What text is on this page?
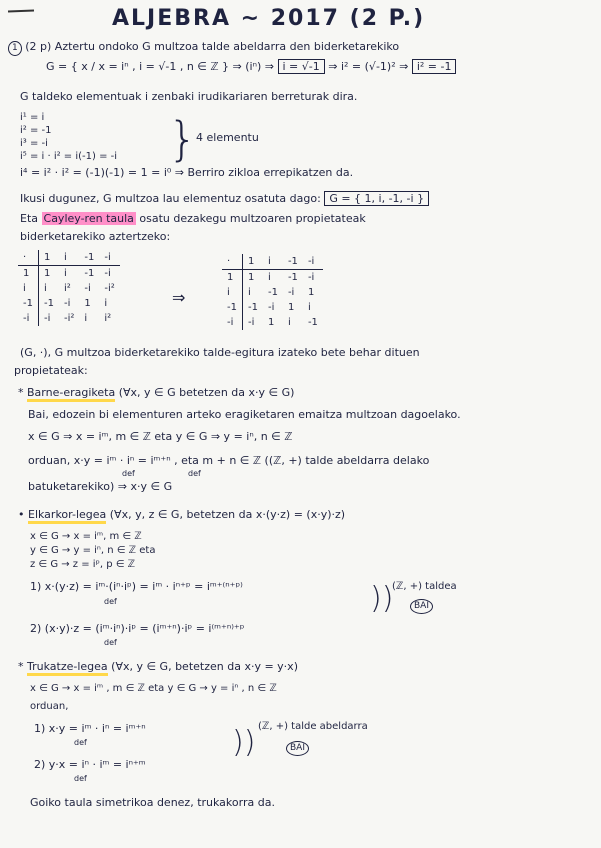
ALJEBRA ~ 2017 (2 P.)
1 (2 p) Aztertu ondoko G multzoa talde abeldarra den biderketarekiko
G = { x / x = iⁿ , i = √-1 , n ∈ ℤ } ⇒ (iⁿ) ⇒ i = √-1 ⇒ i² = (√-1)² ⇒ i² = -1
G taldeko elementuak i zenbaki irudikariaren berreturak dira.
i¹ = i
i² = -1
i³ = -i
i⁵ = i · i² = i(-1) = -i }
4 elementu
i⁴ = i² · i² = (-1)(-1) = 1 = i⁰ ⇒ Berriro zikloa errepikatzen da.
Ikusi dugunez, G multzoa lau elementuz osatuta dago: G = { 1, i, -1, -i }
Eta Cayley-ren taula osatu dezakegu multzoaren propietateak
biderketarekiko aztertzeko:
·	1	i	-1	-i
1	1	i	-1	-i
i	i	i²	-i	-i²
-1	-1	-i	1	i
-i	-i	-i²	i	i²
⇒
·	1	i	-1	-i
1	1	i	-1	-i
i	i	-1	-i	1
-1	-1	-i	1	i
-i	-i	1	i	-1
(G, ·), G multzoa biderketarekiko talde-egitura izateko bete behar dituen
propietateak:
* Barne-eragiketa (∀x, y ∈ G betetzen da x·y ∈ G)
Bai, edozein bi elementuren arteko eragiketaren emaitza multzoan dagoelako.
x ∈ G ⇒ x = iᵐ, m ∈ ℤ eta y ∈ G ⇒ y = iⁿ, n ∈ ℤ
orduan, x·y = iᵐ · iⁿ = iᵐ⁺ⁿ , eta m + n ∈ ℤ ((ℤ, +) talde abeldarra delako
def	def
batuketarekiko) ⇒ x·y ∈ G
• Elkarkor-legea (∀x, y, z ∈ G, betetzen da x·(y·z) = (x·y)·z)
x ∈ G → x = iᵐ, m ∈ ℤ
y ∈ G → y = iⁿ, n ∈ ℤ eta
z ∈ G → z = iᵖ, p ∈ ℤ
1) x·(y·z) = iᵐ·(iⁿ·iᵖ) = iᵐ · iⁿ⁺ᵖ = iᵐ⁺⁽ⁿ⁺ᵖ⁾
def
2) (x·y)·z = (iᵐ·iⁿ)·iᵖ = (iᵐ⁺ⁿ)·iᵖ = i⁽ᵐ⁺ⁿ⁾⁺ᵖ
def
))
(ℤ, +) taldea
BAI
* Trukatze-legea (∀x, y ∈ G, betetzen da x·y = y·x)
x ∈ G → x = iᵐ , m ∈ ℤ eta y ∈ G → y = iⁿ , n ∈ ℤ
orduan,
1) x·y = iᵐ · iⁿ = iᵐ⁺ⁿ
def
2) y·x = iⁿ · iᵐ = iⁿ⁺ᵐ
def
)) (ℤ, +) talde abeldarra
BAI
Goiko taula simetrikoa denez, trukakorra da.
